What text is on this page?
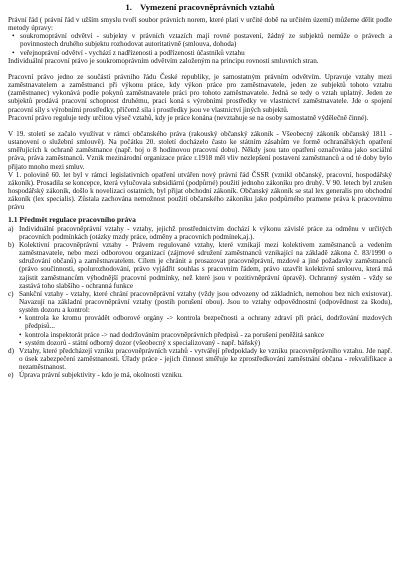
1. Vymezení pracovněprávních vztahů

Právní řád ( právní řád v užším smyslu tvoří soubor právních norem, které platí v určité době na určitém území) můžeme dělit podle metody úpravy:

• soukromoprávní odvětví - subjekty v právních vztazích mají rovné postavení, žádný ze subjektů nemůže o právech a povinnostech druhého subjektu rozhodovat autoritativně (smlouva, dohoda)
• veřejnoprávní odvětví - vychází z nadřízenosti a podřízenosti účastníků vztahu

Individuální pracovní právo je soukromoprávním odvětvím založeným na principu rovnosti smluvních stran.

Pracovní právo jedno ze součástí právního řádu České republiky, je samostatným právním odvětvím. Upravuje vztahy mezi zaměstnavatelem a zaměstnanci při výkonu práce, kdy výkon práce pro zaměstnavatele, jeden ze subjektů tohoto vztahu (zaměstnanec) vykonává podle pokynů zaměstnavatele práci pro tohoto zaměstnavatele. Jedná se tedy o vztah uplatný. Jeden ze subjektů prodává pracovní schopnost druhému, praci koná s výrobními prostředky ve vlastnictví zaměstnavatele. Jde o spojení pracovní síly s výrobními prostředky, přičemž síla i prostředky jsou ve vlastnictví jiných subjektů.

Pracovní právo reguluje tedy určitou výseč vztahů, kdy je práce konána (nevztahuje se na osoby samostatně výdělečně činné).

V 19. století se začalo využívat v rámci občanského práva (rakouský občanský zákoník - Všeobecný zákoník občanský 1811 - ustanovení o služební smlouvě). Na počátku 20. století docházelo často ke státním zásahům ve formě ochranářských opatření směřujících k ochraně zaměstnance (např. boj o 8 hodinovou pracovní dobu). Někdy jsou tato opatření označována jako sociální práva, práva zaměstnanců. Vznik mezinárodní organizace práce r.1918 měl vliv nezlepšení postavení zaměstnanců a od té doby bylo přijato mnoho mezi smluv.

V 1. polovině 60. let byl v rámci legislativních opatření utvářen nový právní řád ČSSR (vznikl občanský, pracovní, hospodářský zákoník). Prosadila se koncepce, která vylučovala subsidiární (podpůrné) použití jednoho zákoníku pro druhý. V 90. letech byl zrušen hospodářský zákoník, došlo k novelizaci ostatních, byl přijat obchodní zákoník. Občanský zákoník se stal lex generalis pro obchodní zákoník (lex specialis). Zůstala zachována nemožnost použití občanského zákoníku jako podpůrného pramene práva k pracovnímu právu

1.1 Předmět regulace pracovního práva

a) Individuální pracovněprávní vztahy - vztahy, jejichž prostřednictvím dochází k výkonu závislé práce za odměnu v určitých pracovních podmínkách (otázky mzdy práce, odměny a pracovních podmínek,aj.).
b) Kolektivní pracovněprávní vztahy - Právem regulované vztahy, které vznikají mezi kolektivem zaměstnanců a vedením zaměstnavatele, nebo mezi odborovou organizací (zájmové sdružení zaměstnanců vznikající na základě zákona č. 83/1990 o sdružování občanů) a zaměstnavatelem. Cílem je chránit a prosazovat pracovněprávní, mzdové a jiné požadavky zaměstnanců (právo součinnosti, spolurozhodování, právo vyjádřit souhlas s pracovním řádem, právo uzavřít kolektivní smlouvu, která má zajistit zaměstnancům výhodnější pracovní podmínky, než které jsou v pozitivněprávní úpravě). Ochranný systém - vždy se zastává toho slabšího - ochranná funkce
c) Sankční vztahy - vztahy, které chrání pracovněprávní vztahy (vždy jsou odvozeny od základních, nemohou bez nich existovat). Navazují na základní pracovněprávní vztahy (postih porušení obou). Jsou to vztahy odpovědnostní (odpovědnost za škodu), systém dozoru a kontrol:
• kontrola ke kromu provádět odborové orgány -> kontrola bezpečnosti a ochrany zdraví při práci, dodržování mzdových předpisů...
• kontrola inspektorát práce -> nad dodržováním pracovněprávních předpisů - za porušení peněžitá sankce
• systém dozorů - státní odborný dozor (všeobecný x specializovaný - např. báňský)
d) Vztahy, které předcházejí vzniku pracovněprávních vztahů - vytvářejí předpoklady ke vzniku pracovněprávního vztahu. Jde např. o úsek zabezpečení zaměstnanosti. Úřady práce - jejich činnost směřuje ke zprostředkování zaměstnání občana - rekvalifikace a nezaměstnanost.
e) Úprava právní subjektivity - kdo je má, okolnosti vzniku.
